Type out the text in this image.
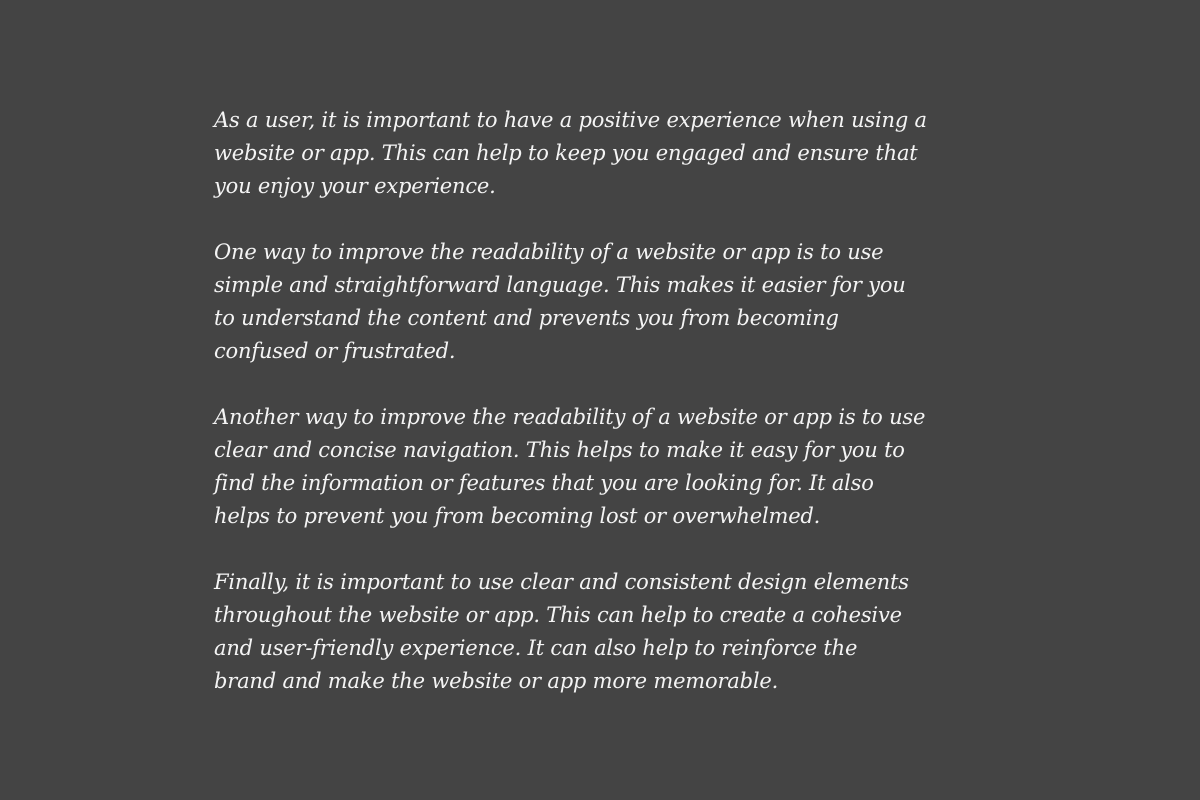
As a user, it is important to have a positive experience when using a
website or app. This can help to keep you engaged and ensure that
you enjoy your experience.

One way to improve the readability of a website or app is to use
simple and straightforward language. This makes it easier for you
to understand the content and prevents you from becoming
confused or frustrated.

Another way to improve the readability of a website or app is to use
clear and concise navigation. This helps to make it easy for you to
find the information or features that you are looking for. It also
helps to prevent you from becoming lost or overwhelmed.

Finally, it is important to use clear and consistent design elements
throughout the website or app. This can help to create a cohesive
and user-friendly experience. It can also help to reinforce the
brand and make the website or app more memorable.
